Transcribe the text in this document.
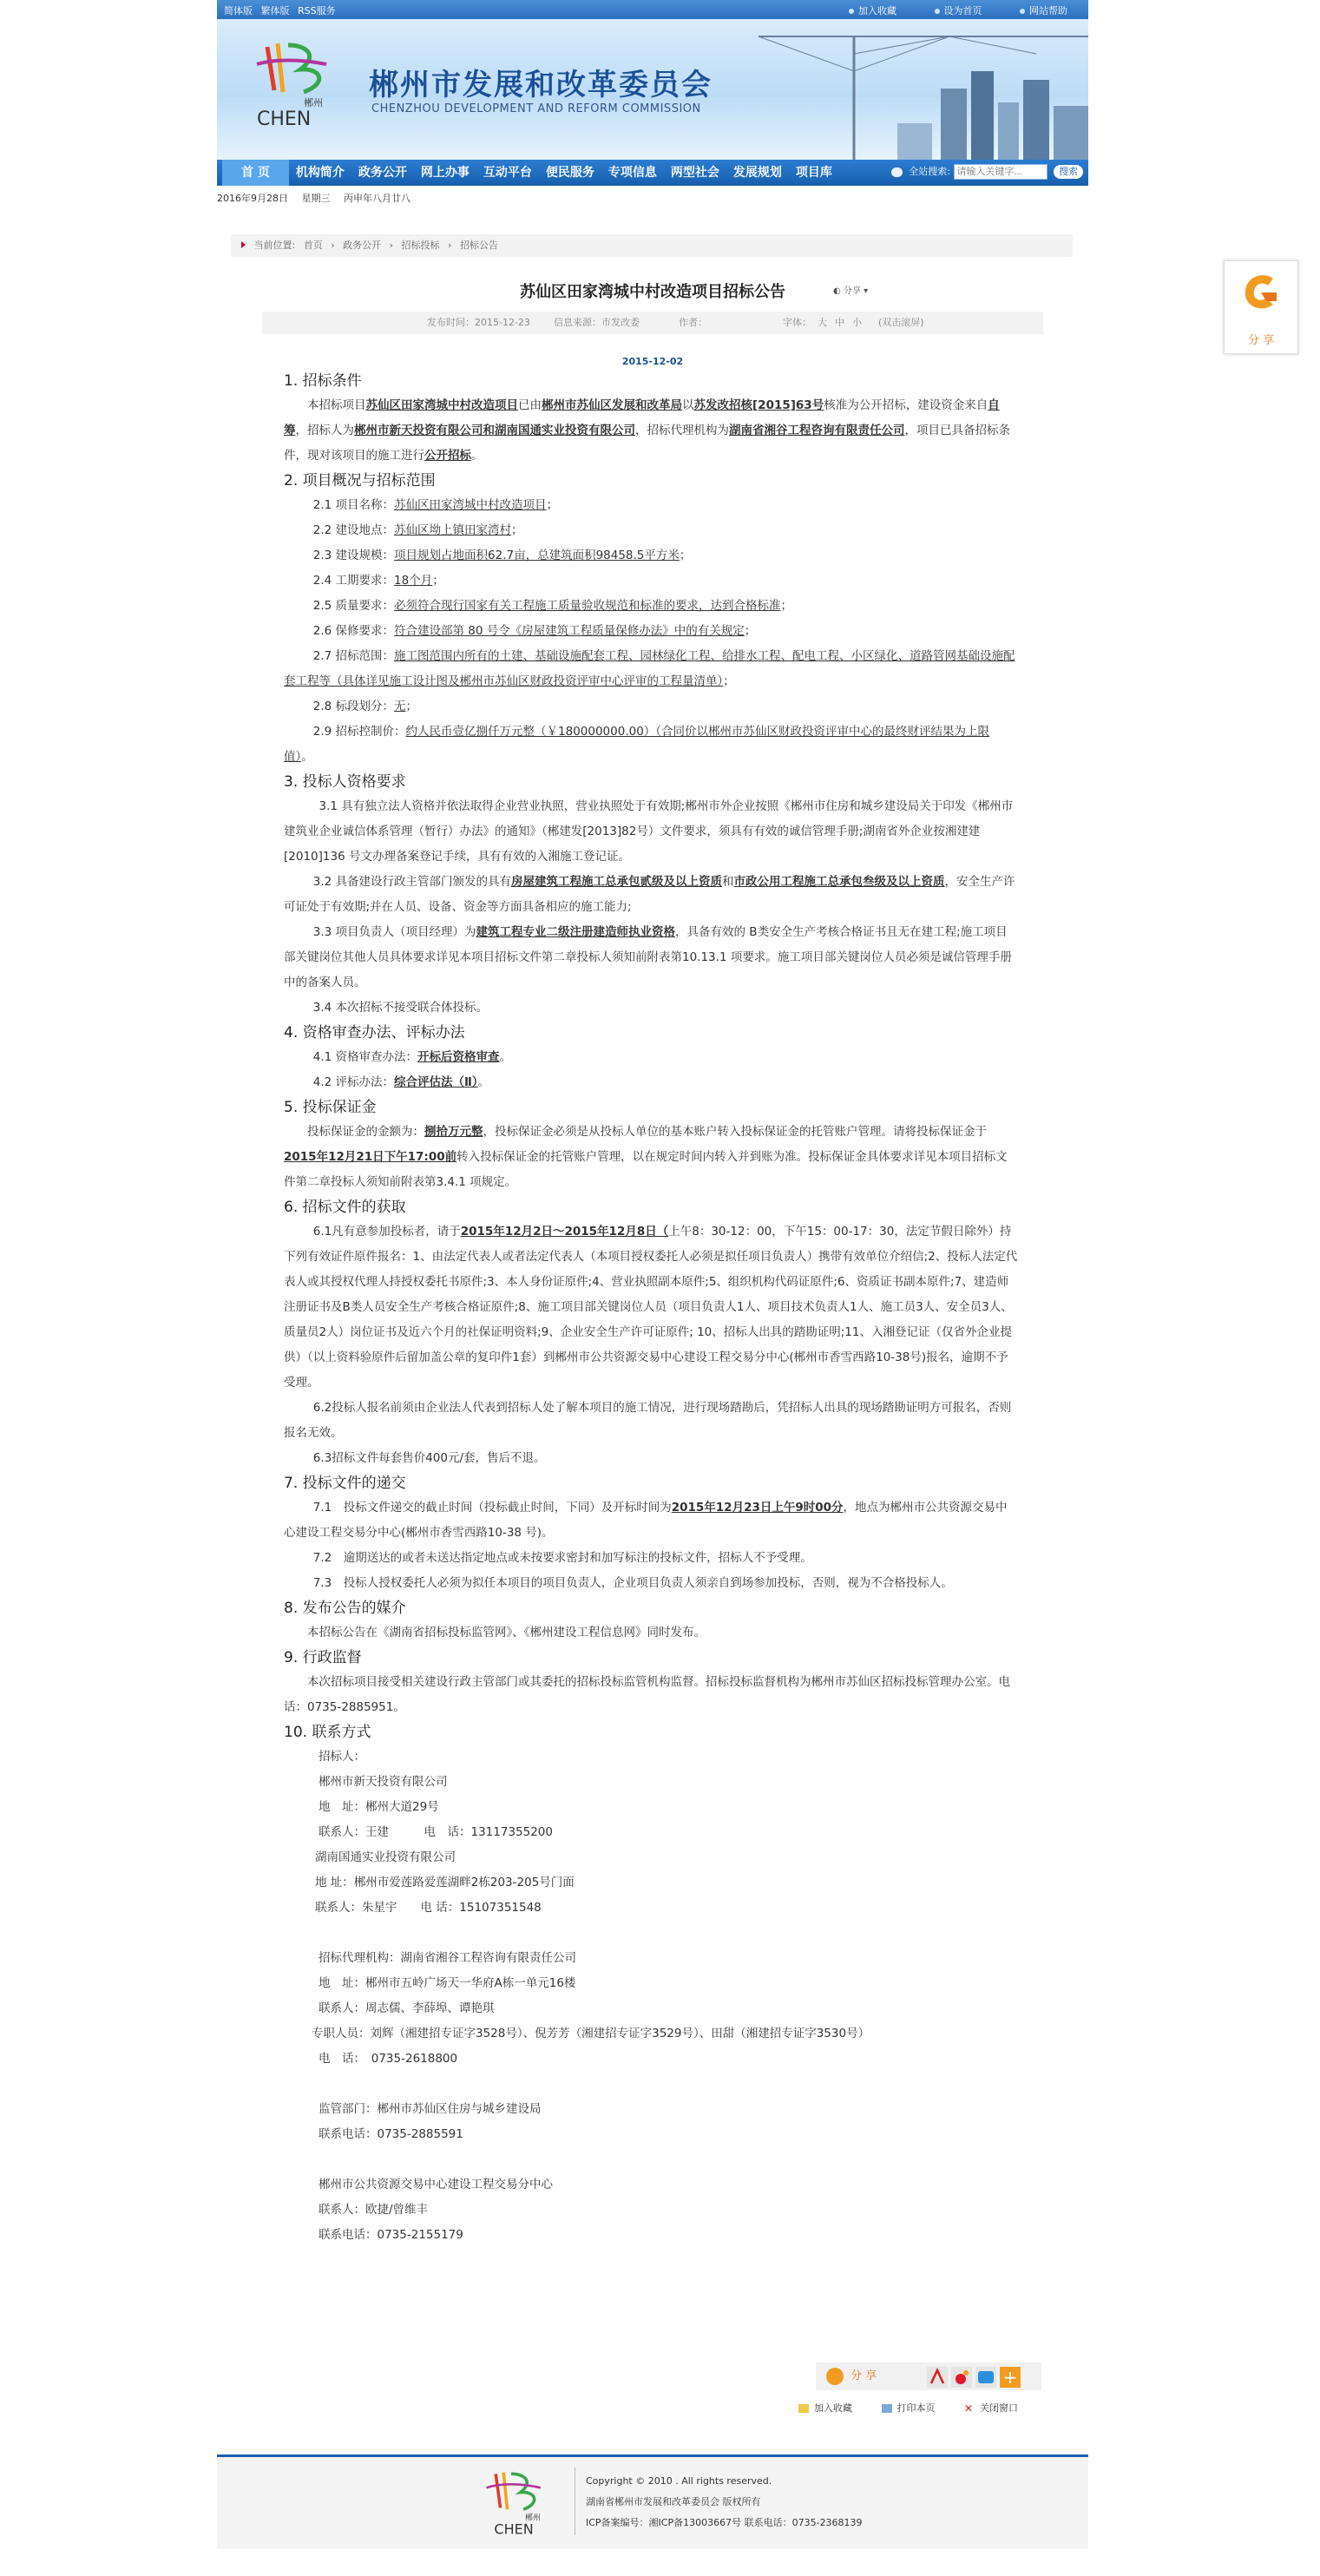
简体版 繁体版 RSS服务	加入收藏	设为首页	网站帮助
郴州
CHEN
郴州市发展和改革委员会
CHENZHOU DEVELOPMENT AND REFORM COMMISSION
首 页	机构简介	政务公开	网上办事	互动平台	便民服务	专项信息	两型社会	发展规划	项目库	全站搜索: 请输入关键字...	搜索
2016年9月28日 星期三 丙申年八月廿八
当前位置: 首页 › 政务公开 › 招标投标 › 招标公告
苏仙区田家湾城中村改造项目招标公告	◐ 分享 ▾
发布时间：2015-12-23 信息来源：市发改委	作者：	字体： 大 中 小 (双击滚屏)
2015-12-02

1. 招标条件

本招标项目苏仙区田家湾城中村改造项目已由郴州市苏仙区发展和改革局以苏发改招核[2015]63号核准为公开招标，建设资金来自自筹，招标人为郴州市新天投资有限公司和湖南国通实业投资有限公司，招标代理机构为湖南省湘谷工程咨询有限责任公司，项目已具备招标条件，现对该项目的施工进行公开招标。

2. 项目概况与招标范围

2.1 项目名称：苏仙区田家湾城中村改造项目；

2.2 建设地点：苏仙区坳上镇田家湾村；

2.3 建设规模：项目规划占地面积62.7亩，总建筑面积98458.5平方米；

2.4 工期要求：18个月；

2.5 质量要求：必须符合现行国家有关工程施工质量验收规范和标准的要求，达到合格标准；

2.6 保修要求：符合建设部第 80 号令《房屋建筑工程质量保修办法》中的有关规定；

2.7 招标范围：施工图范围内所有的土建、基础设施配套工程、园林绿化工程、给排水工程、配电工程、小区绿化、道路管网基础设施配套工程等（具体详见施工设计图及郴州市苏仙区财政投资评审中心评审的工程量清单）；

2.8 标段划分：无；

2.9 招标控制价：约人民币壹亿捌仟万元整（￥180000000.00）（合同价以郴州市苏仙区财政投资评审中心的最终财评结果为上限值）。

3. 投标人资格要求

3.1 具有独立法人资格并依法取得企业营业执照，营业执照处于有效期;郴州市外企业按照《郴州市住房和城乡建设局关于印发《郴州市建筑业企业诚信体系管理（暂行）办法》的通知》（郴建发[2013]82号）文件要求，须具有有效的诚信管理手册;湖南省外企业按湘建建[2010]136 号文办理备案登记手续，具有有效的入湘施工登记证。

3.2 具备建设行政主管部门颁发的具有房屋建筑工程施工总承包贰级及以上资质和市政公用工程施工总承包叁级及以上资质，安全生产许可证处于有效期;并在人员、设备、资金等方面具备相应的施工能力;

3.3 项目负责人（项目经理）为建筑工程专业二级注册建造师执业资格，具备有效的 B类安全生产考核合格证书且无在建工程;施工项目部关键岗位其他人员具体要求详见本项目招标文件第二章投标人须知前附表第10.13.1 项要求。施工项目部关键岗位人员必须是诚信管理手册中的备案人员。

3.4 本次招标不接受联合体投标。

4. 资格审查办法、评标办法

4.1 资格审查办法：开标后资格审查。

4.2 评标办法：综合评估法（Ⅱ）。

5. 投标保证金

投标保证金的金额为：捌拾万元整，投标保证金必须是从投标人单位的基本账户转入投标保证金的托管账户管理。请将投标保证金于2015年12月21日下午17:00前转入投标保证金的托管账户管理，以在规定时间内转入并到账为准。投标保证金具体要求详见本项目招标文件第二章投标人须知前附表第3.4.1 项规定。

6. 招标文件的获取

6.1凡有意参加投标者，请于2015年12月2日～2015年12月8日（上午8：30-12：00，下午15：00-17：30，法定节假日除外）持下列有效证件原件报名：1、由法定代表人或者法定代表人（本项目授权委托人必须是拟任项目负责人）携带有效单位介绍信;2、投标人法定代表人或其授权代理人持授权委托书原件;3、本人身份证原件;4、营业执照副本原件;5、组织机构代码证原件;6、资质证书副本原件;7、建造师注册证书及B类人员安全生产考核合格证原件;8、施工项目部关键岗位人员（项目负责人1人、项目技术负责人1人、施工员3人、安全员3人、质量员2人）岗位证书及近六个月的社保证明资料;9、企业安全生产许可证原件; 10、招标人出具的踏勘证明;11、入湘登记证（仅省外企业提供）（以上资料验原件后留加盖公章的复印件1套）到郴州市公共资源交易中心建设工程交易分中心(郴州市香雪西路10-38号)报名，逾期不予受理。

6.2投标人报名前须由企业法人代表到招标人处了解本项目的施工情况，进行现场踏勘后，凭招标人出具的现场踏勘证明方可报名，否则报名无效。

6.3招标文件每套售价400元/套，售后不退。

7. 投标文件的递交

7.1　投标文件递交的截止时间（投标截止时间，下同）及开标时间为2015年12月23日上午9时00分，地点为郴州市公共资源交易中心建设工程交易分中心(郴州市香雪西路10-38 号)。

7.2　逾期送达的或者未送达指定地点或未按要求密封和加写标注的投标文件，招标人不予受理。

7.3　投标人授权委托人必须为拟任本项目的项目负责人，企业项目负责人须亲自到场参加投标，否则，视为不合格投标人。

8. 发布公告的媒介

本招标公告在《湖南省招标投标监管网》、《郴州建设工程信息网》同时发布。

9. 行政监督

本次招标项目接受相关建设行政主管部门或其委托的招标投标监管机构监督。招标投标监督机构为郴州市苏仙区招标投标管理办公室。电话：0735-2885951。

10. 联系方式

招标人：
郴州市新天投资有限公司
地　址：郴州大道29号
联系人：王建　　　电　话：13117355200
湖南国通实业投资有限公司
地 址：郴州市爱莲路爱莲湖畔2栋203-205号门面
联系人：朱星宇　　电 话：15107351548
招标代理机构：湖南省湘谷工程咨询有限责任公司
地　址：郴州市五岭广场天一华府A栋一单元16楼
联系人：周志儒、李薛埠、谭艳琪
专职人员：刘辉（湘建招专证字3528号）、倪芳芳（湘建招专证字3529号）、田甜（湘建招专证字3530号）
电　话：　0735-2618800
监管部门：郴州市苏仙区住房与城乡建设局
联系电话：0735-2885591
郴州市公共资源交易中心建设工程交易分中心
联系人：欧捷/曾维丰
联系电话：0735-2155179
分 享
分 享	+
加入收藏	打印本页	✕ 关闭窗口
郴州
CHEN
Copyright © 2010 . All rights reserved.
湖南省郴州市发展和改革委员会 版权所有
ICP备案编号：湘ICP备13003667号 联系电话：0735-2368139
